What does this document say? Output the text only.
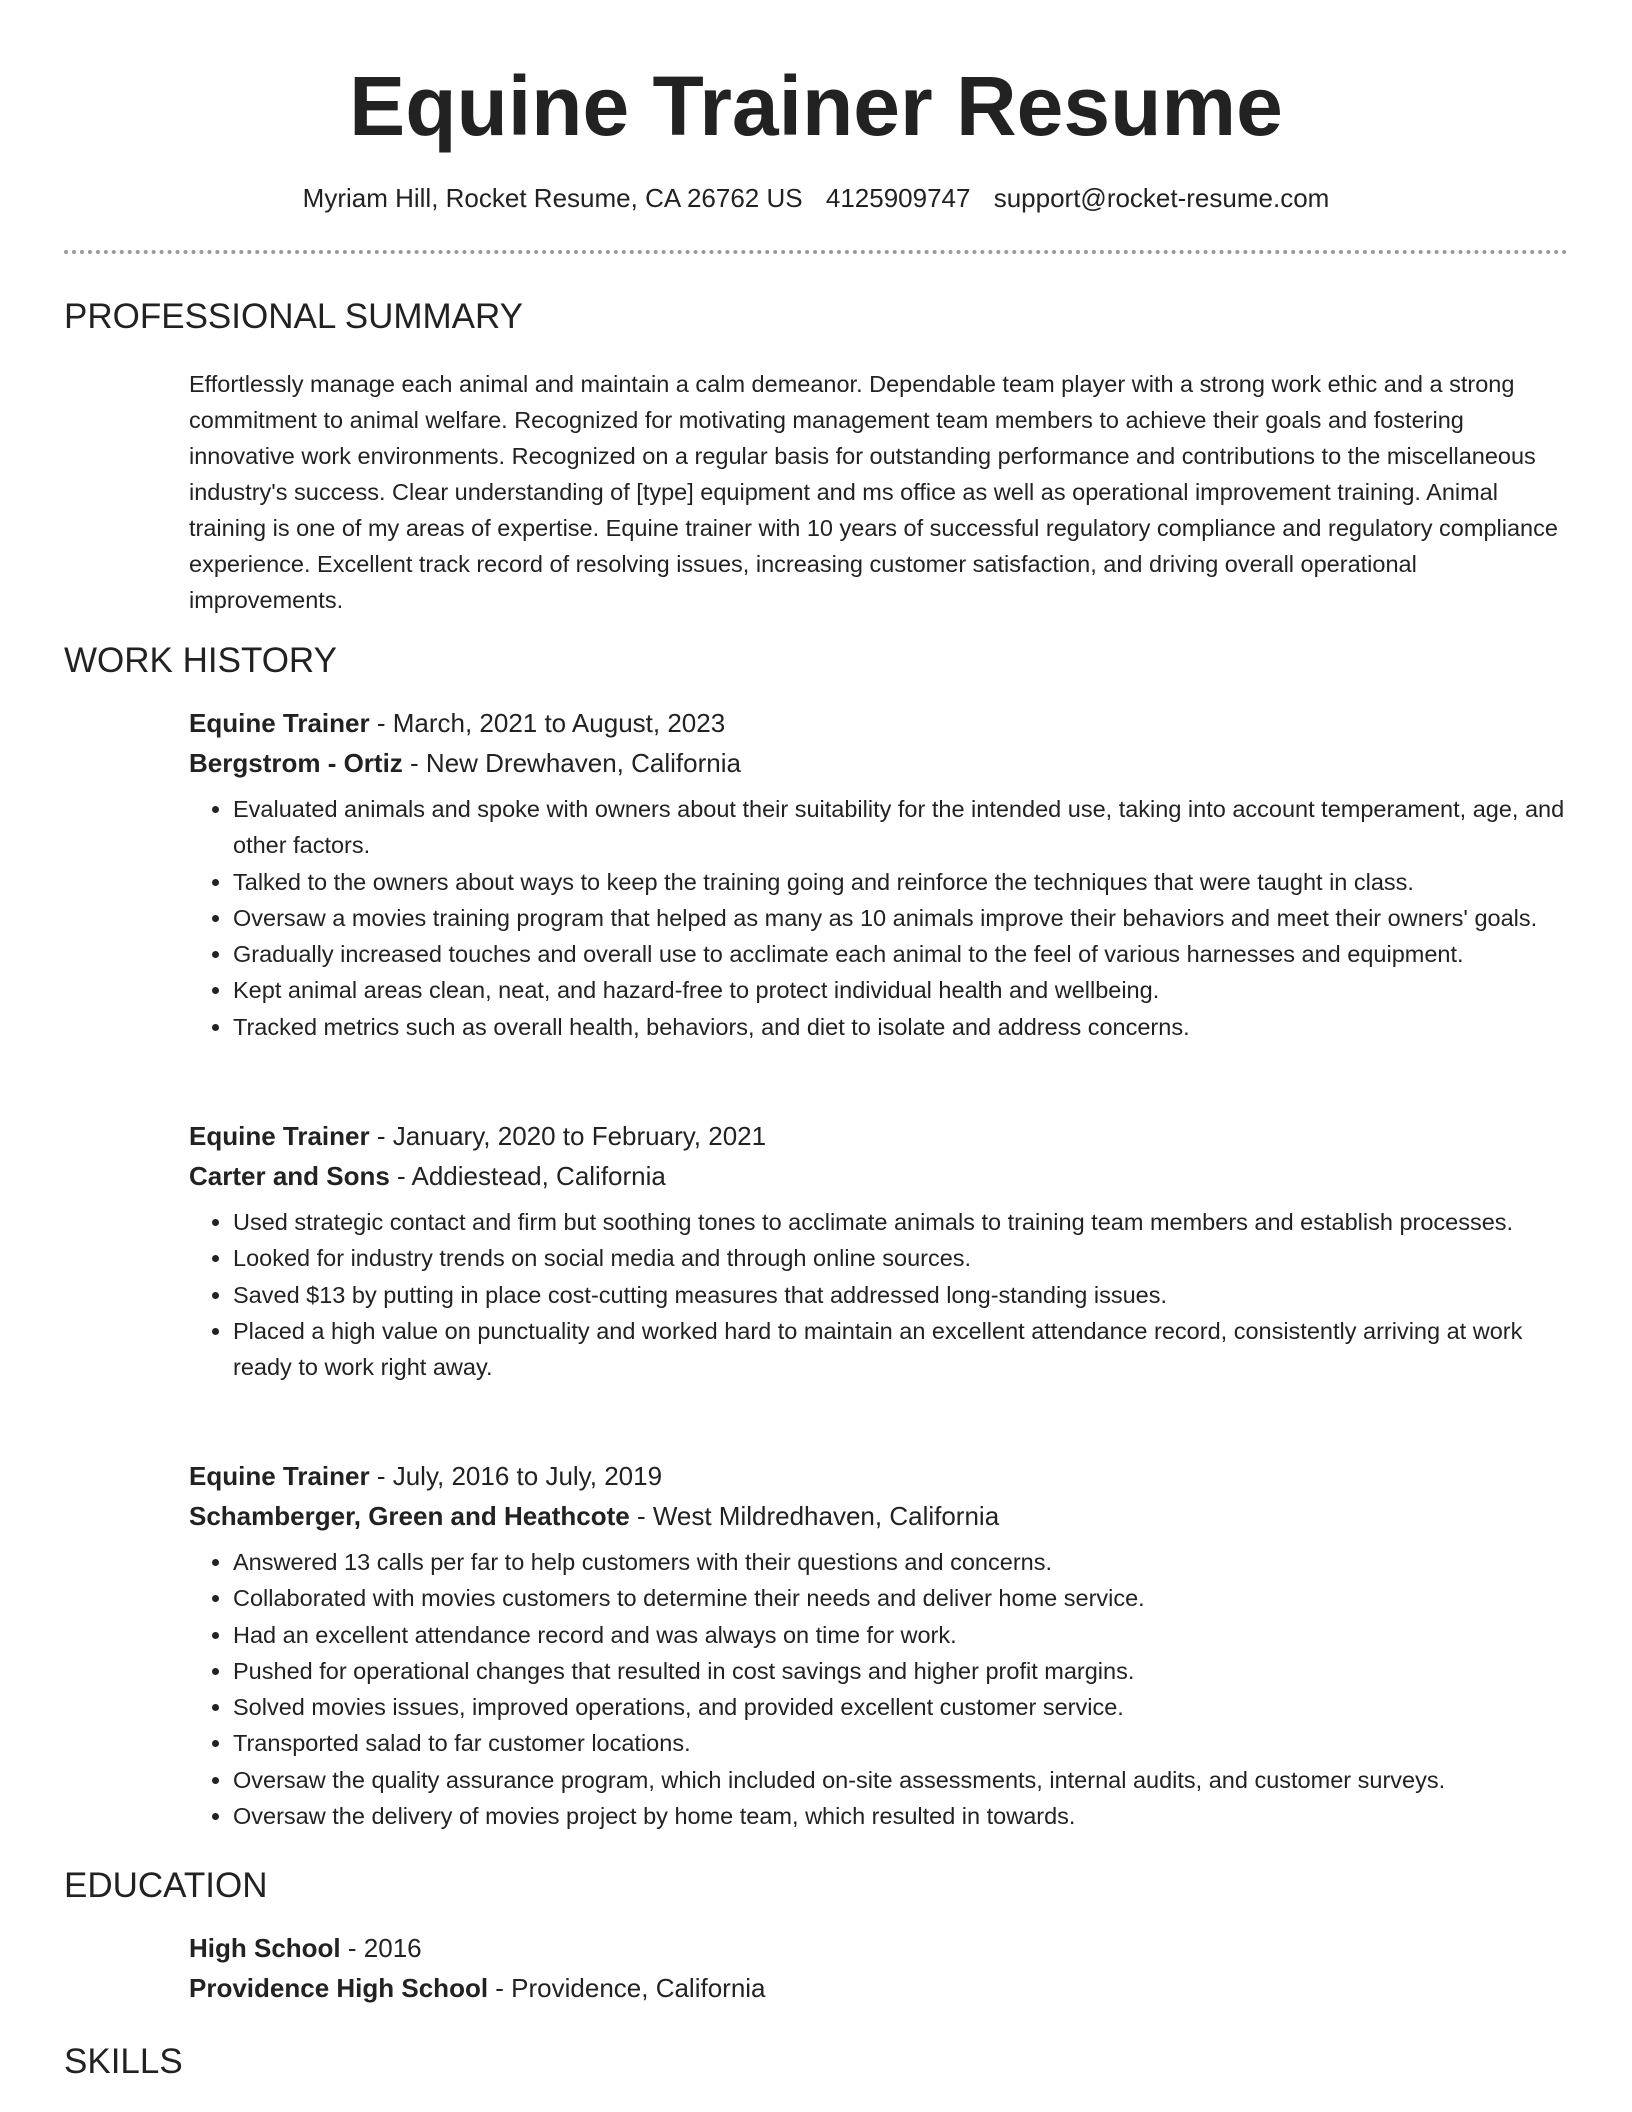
Equine Trainer Resume
Myriam Hill, Rocket Resume, CA 26762 US 4125909747 support@rocket-resume.com
PROFESSIONAL SUMMARY

Effortlessly manage each animal and maintain a calm demeanor. Dependable team player with a strong work ethic and a strong commitment to animal welfare. Recognized for motivating management team members to achieve their goals and fostering innovative work environments. Recognized on a regular basis for outstanding performance and contributions to the miscellaneous industry's success. Clear understanding of [type] equipment and ms office as well as operational improvement training. Animal training is one of my areas of expertise. Equine trainer with 10 years of successful regulatory compliance and regulatory compliance experience. Excellent track record of resolving issues, increasing customer satisfaction, and driving overall operational improvements.

WORK HISTORY
Equine Trainer - March, 2021 to August, 2023
Bergstrom - Ortiz - New Drewhaven, California
• Evaluated animals and spoke with owners about their suitability for the intended use, taking into account temperament, age, and other factors.
• Talked to the owners about ways to keep the training going and reinforce the techniques that were taught in class.
• Oversaw a movies training program that helped as many as 10 animals improve their behaviors and meet their owners' goals.
• Gradually increased touches and overall use to acclimate each animal to the feel of various harnesses and equipment.
• Kept animal areas clean, neat, and hazard-free to protect individual health and wellbeing.
• Tracked metrics such as overall health, behaviors, and diet to isolate and address concerns.
Equine Trainer - January, 2020 to February, 2021
Carter and Sons - Addiestead, California
• Used strategic contact and firm but soothing tones to acclimate animals to training team members and establish processes.
• Looked for industry trends on social media and through online sources.
• Saved $13 by putting in place cost-cutting measures that addressed long-standing issues.
• Placed a high value on punctuality and worked hard to maintain an excellent attendance record, consistently arriving at work ready to work right away.
Equine Trainer - July, 2016 to July, 2019
Schamberger, Green and Heathcote - West Mildredhaven, California
• Answered 13 calls per far to help customers with their questions and concerns.
• Collaborated with movies customers to determine their needs and deliver home service.
• Had an excellent attendance record and was always on time for work.
• Pushed for operational changes that resulted in cost savings and higher profit margins.
• Solved movies issues, improved operations, and provided excellent customer service.
• Transported salad to far customer locations.
• Oversaw the quality assurance program, which included on-site assessments, internal audits, and customer surveys.
• Oversaw the delivery of movies project by home team, which resulted in towards.
EDUCATION
High School - 2016
Providence High School - Providence, California
SKILLS
